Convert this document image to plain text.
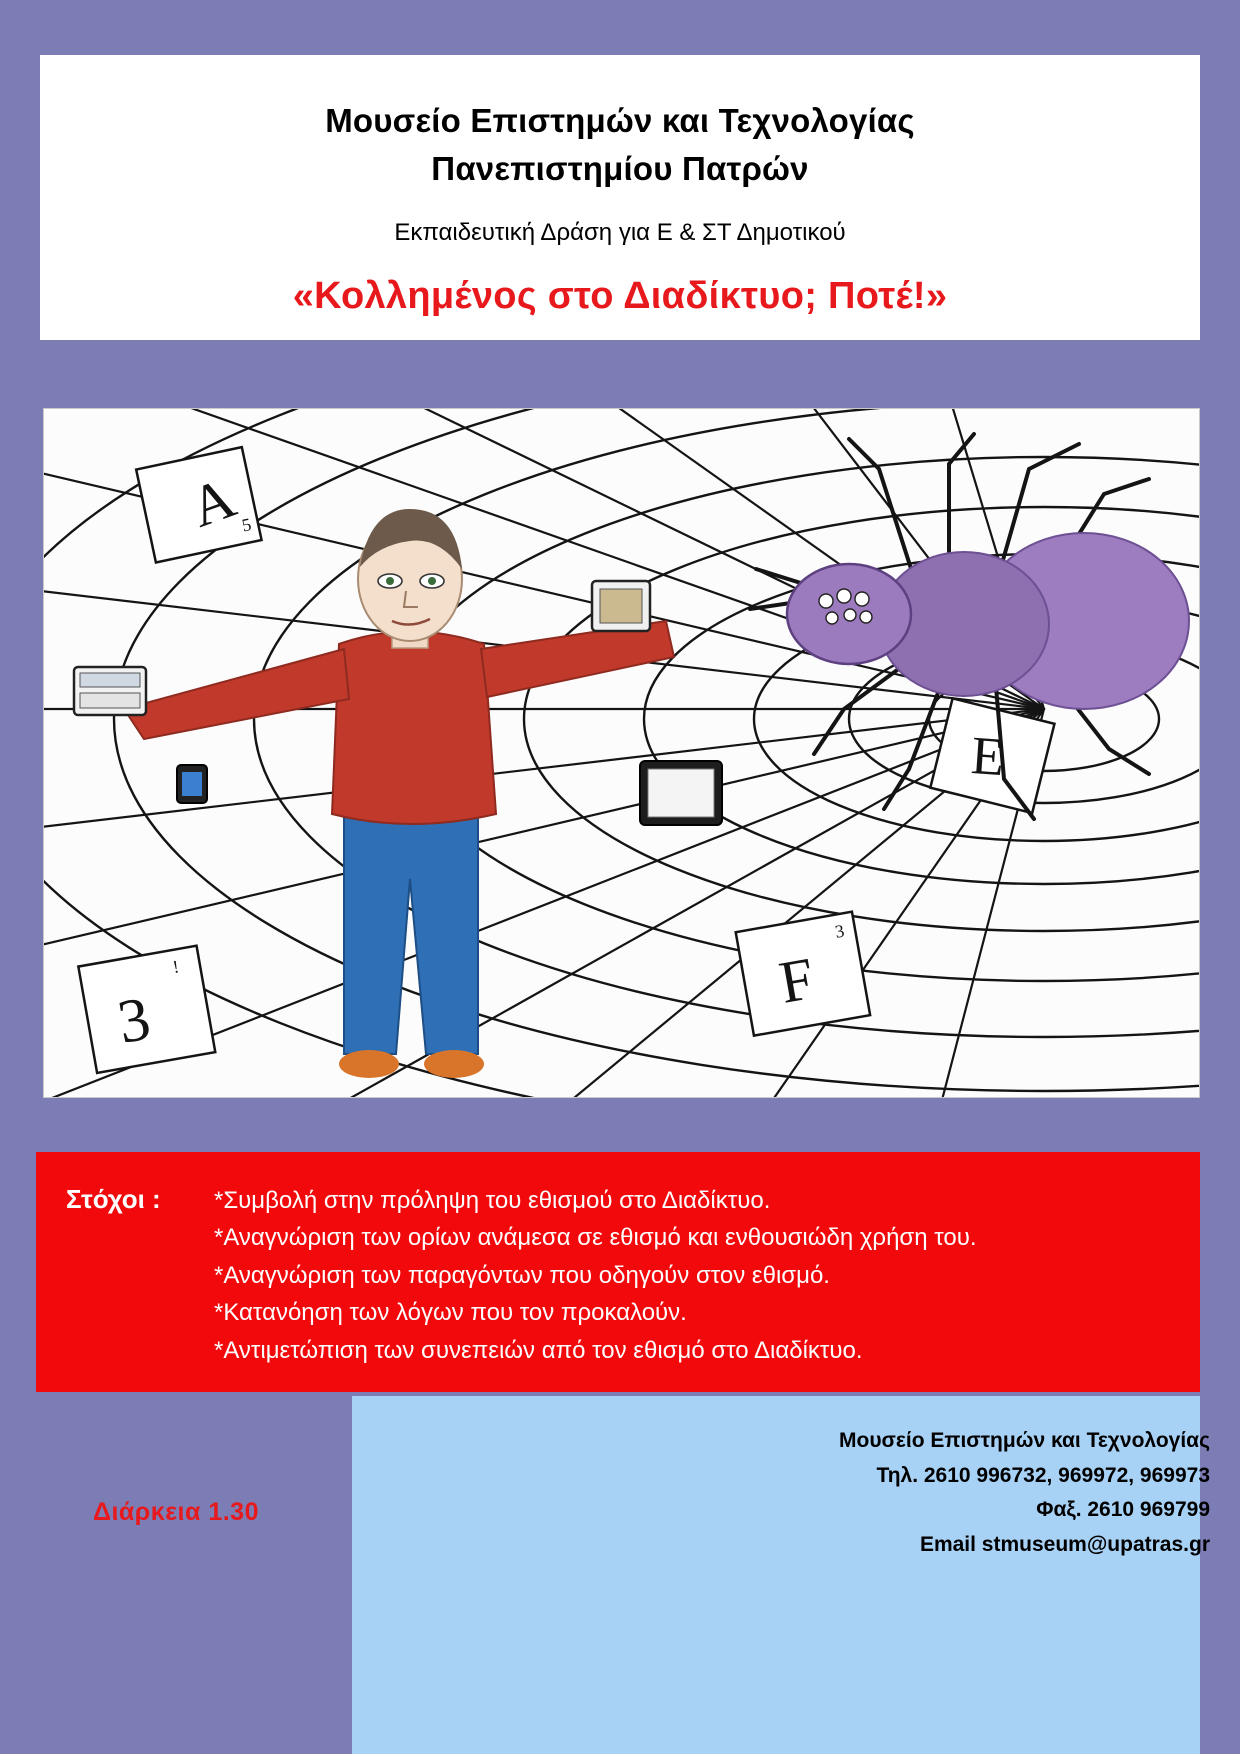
Μουσείο Επιστημών και Τεχνολογίας
Πανεπιστημίου Πατρών
Εκπαιδευτική Δράση για Ε & ΣΤ Δημοτικού
«Κολλημένος στο Διαδίκτυο; Ποτέ!»
A
5
E
F
3
3
!
Στόχοι :	*Συμβολή στην πρόληψη του εθισμού στο Διαδίκτυο.
*Αναγνώριση των ορίων ανάμεσα σε εθισμό και ενθουσιώδη χρήση του.
*Αναγνώριση των παραγόντων που οδηγούν στον εθισμό.
*Κατανόηση των λόγων που τον προκαλούν.
*Αντιμετώπιση των συνεπειών από τον εθισμό στο Διαδίκτυο.
Διάρκεια 1.30
Μουσείο Επιστημών και Τεχνολογίας
Τηλ. 2610 996732, 969972, 969973
Φαξ. 2610 969799
Email stmuseum@upatras.gr
